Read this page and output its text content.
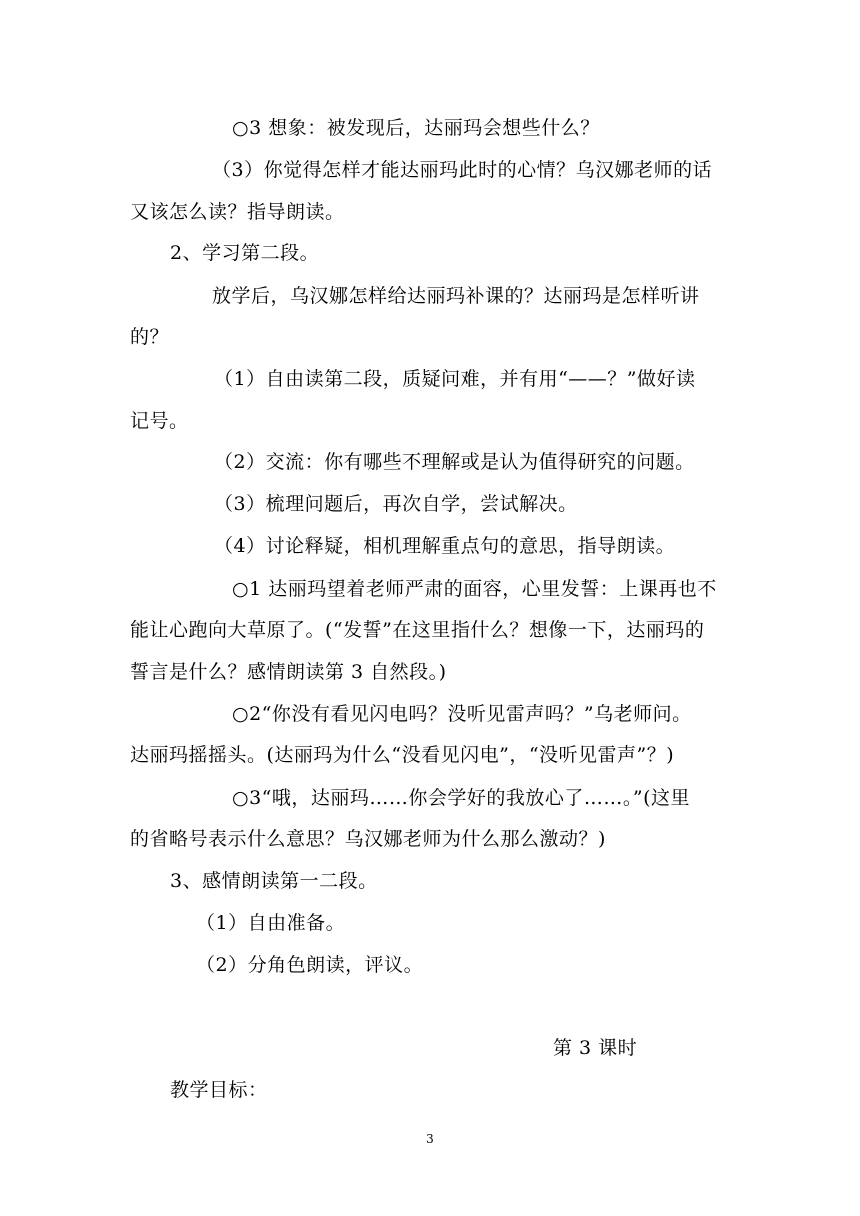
○3 想象：被发现后，达丽玛会想些什么？
（3）你觉得怎样才能达丽玛此时的心情？乌汉娜老师的话
又该怎么读？指导朗读。
2、学习第二段。
放学后，乌汉娜怎样给达丽玛补课的？达丽玛是怎样听讲
的？
（1）自由读第二段，质疑问难，并有用“——？”做好读
记号。
（2）交流：你有哪些不理解或是认为值得研究的问题。
（3）梳理问题后，再次自学，尝试解决。
（4）讨论释疑，相机理解重点句的意思，指导朗读。
○1 达丽玛望着老师严肃的面容，心里发誓：上课再也不
能让心跑向大草原了。(“发誓”在这里指什么？想像一下，达丽玛的
誓言是什么？感情朗读第 3 自然段。)
○2“你没有看见闪电吗？没听见雷声吗？”乌老师问。
达丽玛摇摇头。(达丽玛为什么“没看见闪电”，“没听见雷声”？)
○3“哦，达丽玛……你会学好的我放心了……。”(这里
的省略号表示什么意思？乌汉娜老师为什么那么激动？)
3、感情朗读第一二段。
（1）自由准备。
（2）分角色朗读，评议。
第 3 课时
教学目标：
3
